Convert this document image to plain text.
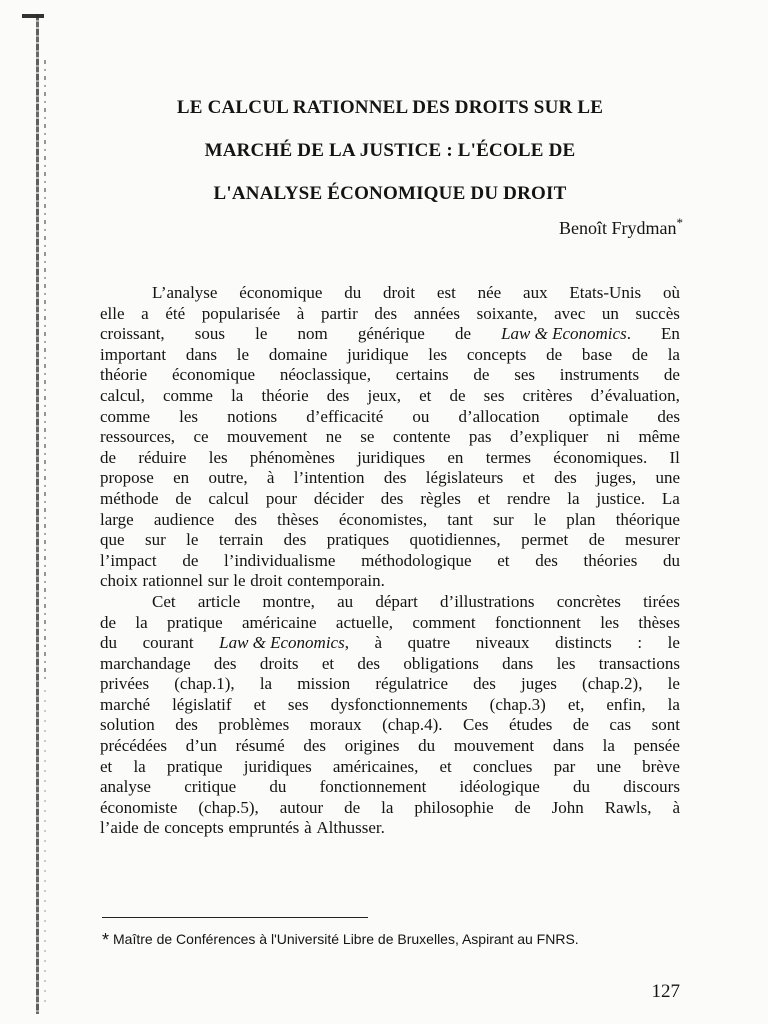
LE CALCUL RATIONNEL DES DROITS SUR LE
MARCHÉ DE LA JUSTICE : L'ÉCOLE DE
L'ANALYSE ÉCONOMIQUE DU DROIT
Benoît Frydman*
L’analyse économique du droit est née aux Etats-Unis où
elle a été popularisée à partir des années soixante, avec un succès
croissant, sous le nom générique de Law & Economics. En
important dans le domaine juridique les concepts de base de la
théorie économique néoclassique, certains de ses instruments de
calcul, comme la théorie des jeux, et de ses critères d’évaluation,
comme les notions d’efficacité ou d’allocation optimale des
ressources, ce mouvement ne se contente pas d’expliquer ni même
de réduire les phénomènes juridiques en termes économiques. Il
propose en outre, à l’intention des législateurs et des juges, une
méthode de calcul pour décider des règles et rendre la justice. La
large audience des thèses économistes, tant sur le plan théorique
que sur le terrain des pratiques quotidiennes, permet de mesurer
l’impact de l’individualisme méthodologique et des théories du
choix rationnel sur le droit contemporain.
Cet article montre, au départ d’illustrations concrètes tirées
de la pratique américaine actuelle, comment fonctionnent les thèses
du courant Law & Economics, à quatre niveaux distincts : le
marchandage des droits et des obligations dans les transactions
privées (chap.1), la mission régulatrice des juges (chap.2), le
marché législatif et ses dysfonctionnements (chap.3) et, enfin, la
solution des problèmes moraux (chap.4). Ces études de cas sont
précédées d’un résumé des origines du mouvement dans la pensée
et la pratique juridiques américaines, et conclues par une brève
analyse critique du fonctionnement idéologique du discours
économiste (chap.5), autour de la philosophie de John Rawls, à
l’aide de concepts empruntés à Althusser.
* Maître de Conférences à l'Université Libre de Bruxelles, Aspirant au FNRS.
127
